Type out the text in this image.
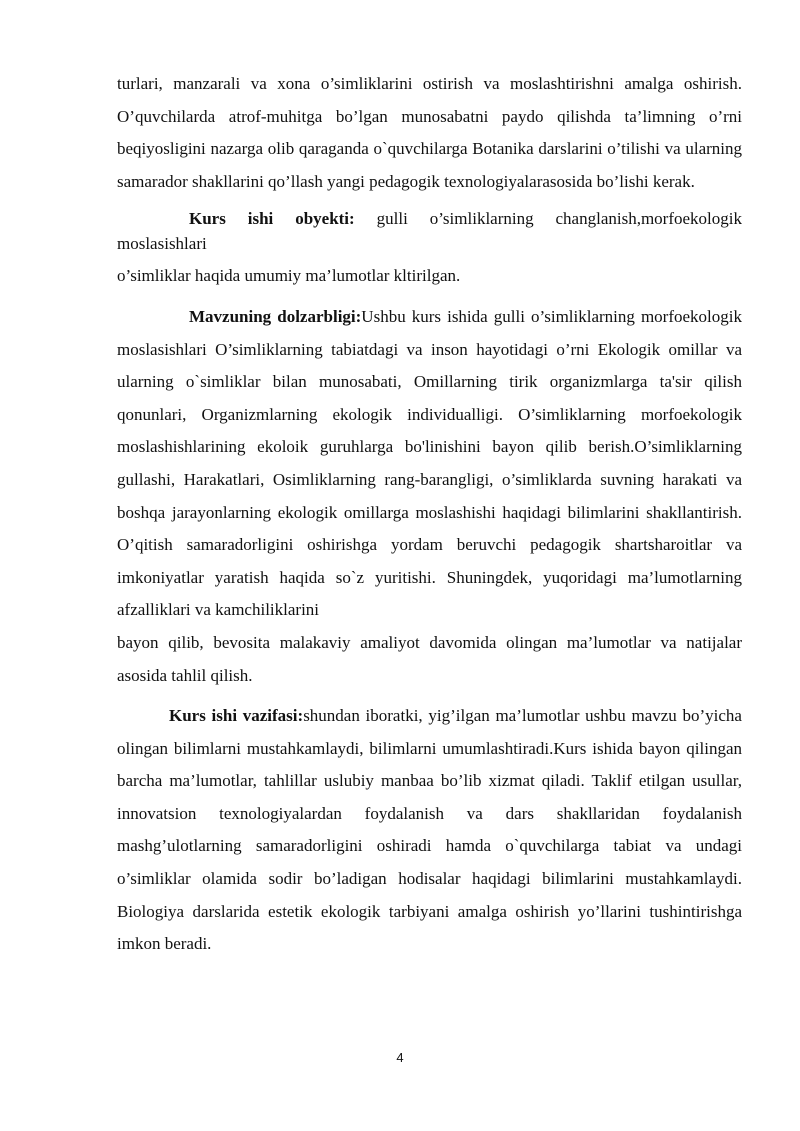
turlari, manzarali va xona o’simliklarini ostirish va moslashtirishni amalga oshirish. O’quvchilarda atrof-muhitga bo’lgan munosabatni paydo qilishda ta’limning o’rni beqiyosligini nazarga olib qaraganda o`quvchilarga Botanika darslarini o’tilishi va ularning samarador shakllarini qo’llash yangi pedagogik texnologiyalarasosida bo’lishi kerak.

Kurs ishi obyekti: gulli o’simliklarning changlanish,morfoekologik moslasishlari

o’simliklar haqida umumiy ma’lumotlar kltirilgan.

Mavzuning dolzarbligi:Ushbu kurs ishida gulli o’simliklarning morfoekologik moslasishlari O’simliklarning tabiatdagi va inson hayotidagi o’rni Ekologik omillar va ularning o`simliklar bilan munosabati, Omillarning tirik organizmlarga ta'sir qilish qonunlari, Organizmlarning ekologik individualligi. O’simliklarning morfoekologik moslashishlarining ekoloik guruhlarga bo'linishini bayon qilib berish.O’simliklarning gullashi, Harakatlari, Osimliklarning rang-barangligi, o’simliklarda suvning harakati va boshqa jarayonlarning ekologik omillarga moslashishi haqidagi bilimlarini shakllantirish. O’qitish samaradorligini oshirishga yordam beruvchi pedagogik shartsharoitlar va imkoniyatlar yaratish haqida so`z yuritishi. Shuningdek, yuqoridagi ma’lumotlarning afzalliklari va kamchiliklarini

bayon qilib, bevosita malakaviy amaliyot davomida olingan ma’lumotlar va natijalar asosida tahlil qilish.

Kurs ishi vazifasi:shundan iboratki, yig’ilgan ma’lumotlar ushbu mavzu bo’yicha olingan bilimlarni mustahkamlaydi, bilimlarni umumlashtiradi.Kurs ishida bayon qilingan barcha ma’lumotlar, tahlillar uslubiy manbaa bo’lib xizmat qiladi. Taklif etilgan usullar, innovatsion texnologiyalardan foydalanish va dars shakllaridan foydalanish mashg’ulotlarning samaradorligini oshiradi hamda o`quvchilarga tabiat va undagi o’simliklar olamida sodir bo’ladigan hodisalar haqidagi bilimlarini mustahkamlaydi. Biologiya darslarida estetik ekologik tarbiyani amalga oshirish yo’llarini tushintirishga imkon beradi.

4
